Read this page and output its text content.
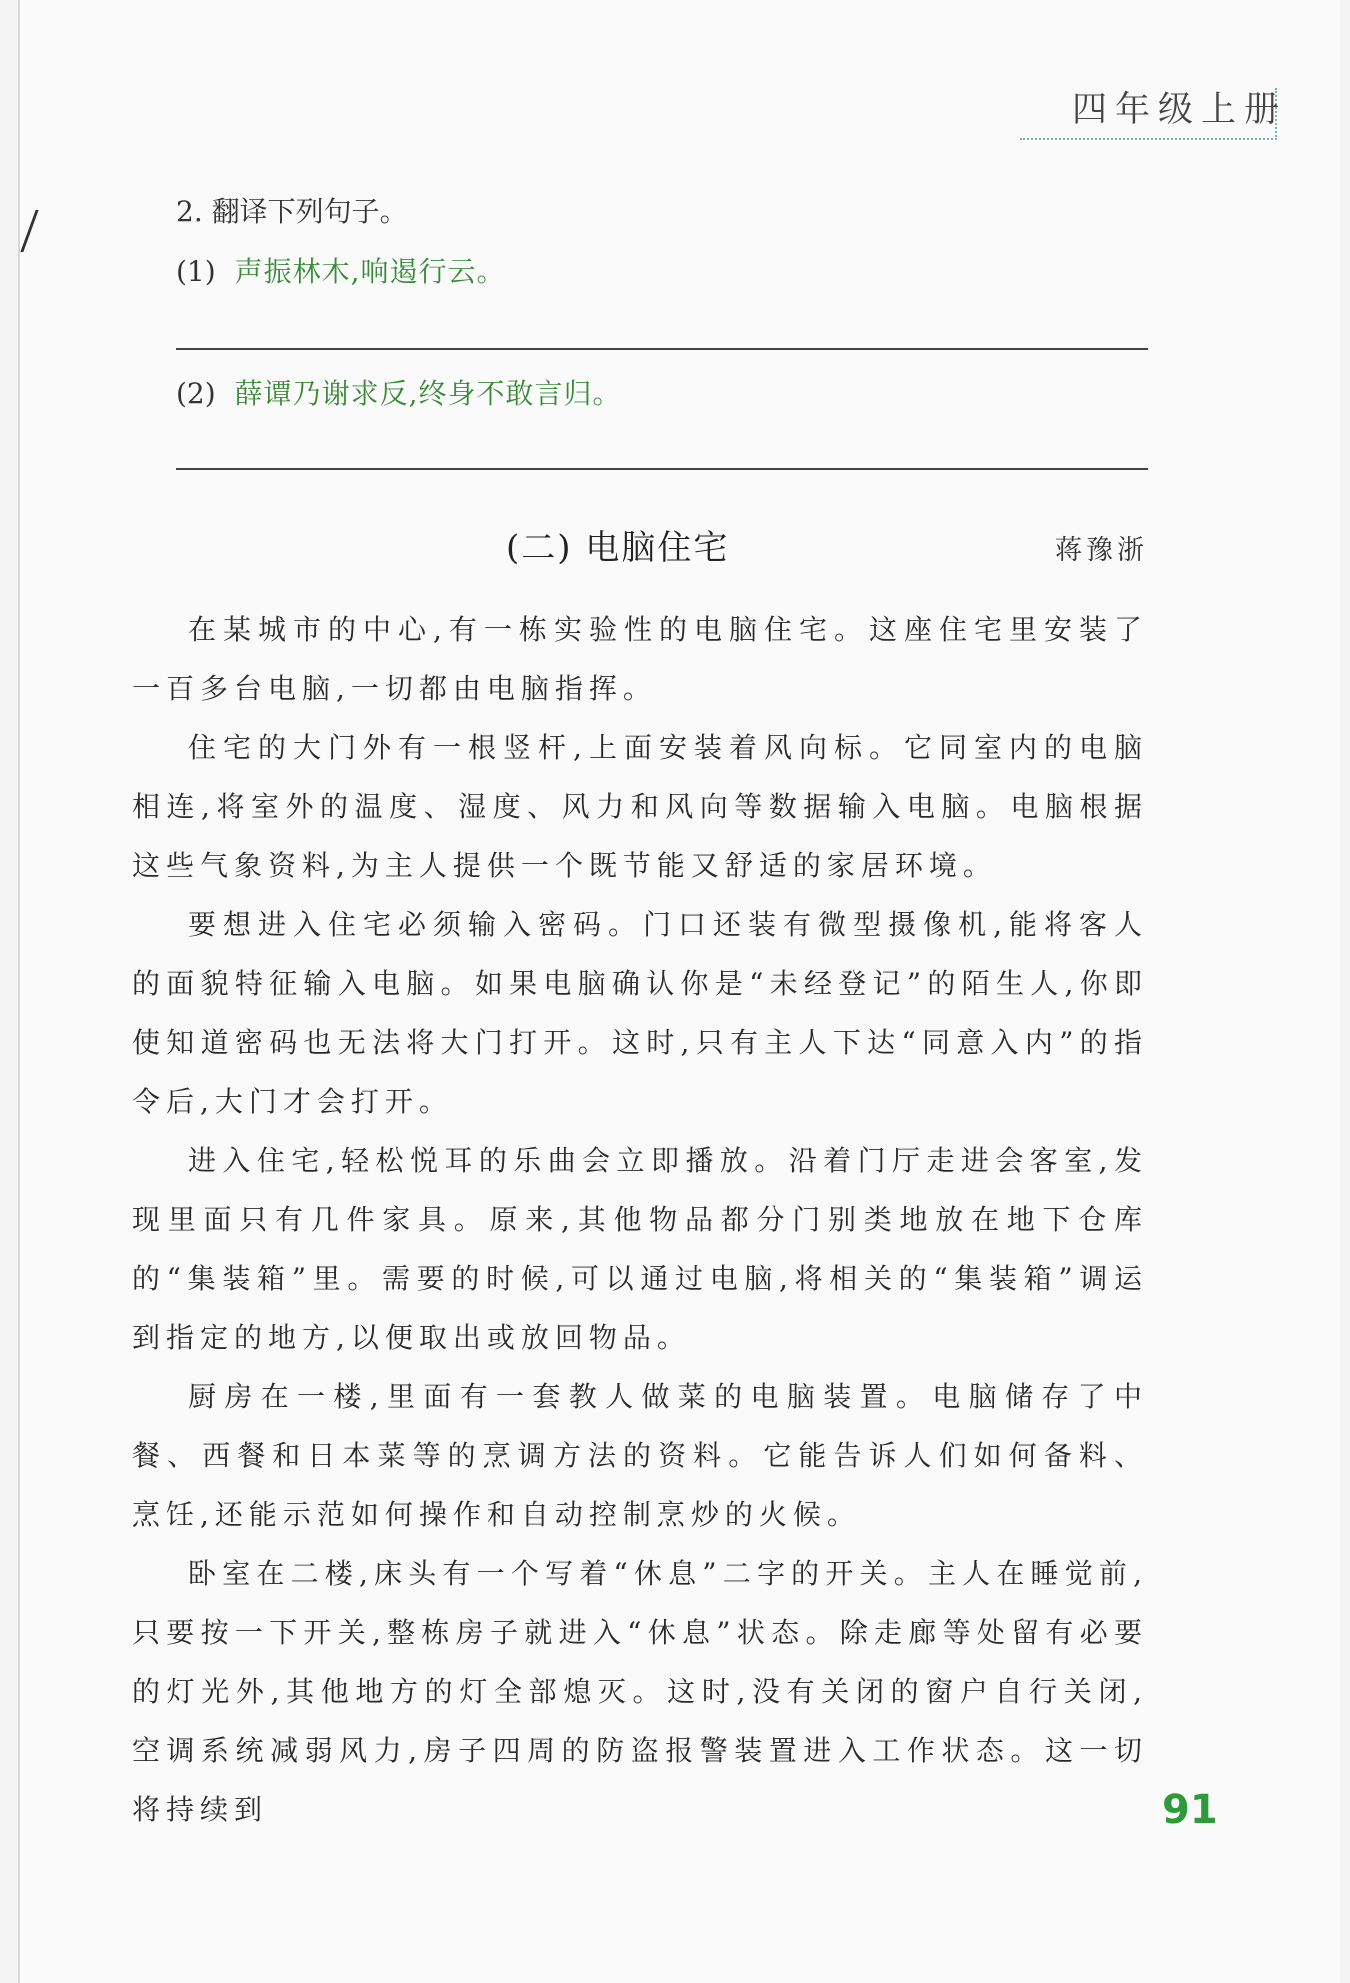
四年级上册
2. 翻译下列句子。
(1) 声振林木,响遏行云。
(2) 薛谭乃谢求反,终身不敢言归。
(二) 电脑住宅	蒋豫浙

在某城市的中心,有一栋实验性的电脑住宅。这座住宅里安装了一百多台电脑,一切都由电脑指挥。

住宅的大门外有一根竖杆,上面安装着风向标。它同室内的电脑相连,将室外的温度、湿度、风力和风向等数据输入电脑。电脑根据这些气象资料,为主人提供一个既节能又舒适的家居环境。

要想进入住宅必须输入密码。门口还装有微型摄像机,能将客人的面貌特征输入电脑。如果电脑确认你是“未经登记”的陌生人,你即使知道密码也无法将大门打开。这时,只有主人下达“同意入内”的指令后,大门才会打开。

进入住宅,轻松悦耳的乐曲会立即播放。沿着门厅走进会客室,发现里面只有几件家具。原来,其他物品都分门别类地放在地下仓库的“集装箱”里。需要的时候,可以通过电脑,将相关的“集装箱”调运到指定的地方,以便取出或放回物品。

厨房在一楼,里面有一套教人做菜的电脑装置。电脑储存了中餐、西餐和日本菜等的烹调方法的资料。它能告诉人们如何备料、烹饪,还能示范如何操作和自动控制烹炒的火候。

卧室在二楼,床头有一个写着“休息”二字的开关。主人在睡觉前,只要按一下开关,整栋房子就进入“休息”状态。除走廊等处留有必要的灯光外,其他地方的灯全部熄灭。这时,没有关闭的窗户自行关闭,空调系统减弱风力,房子四周的防盗报警装置进入工作状态。这一切将持续到	91
